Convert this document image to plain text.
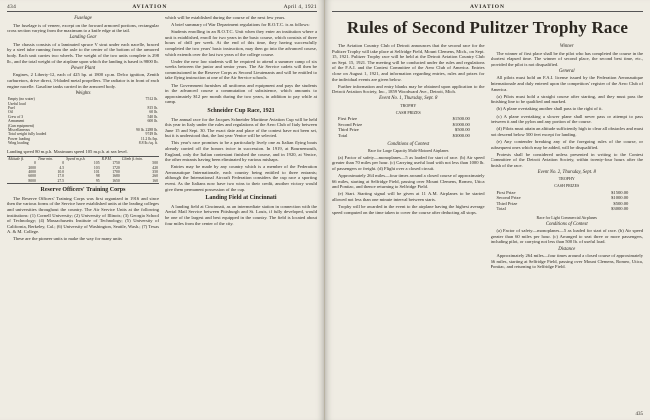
434	AVIATION	April 4, 1921
Fuselage

The fuselage is of veneer, except on the forward armored portions, rectangular cross section varying from the maximum to a knife edge at the tail.

Landing Gear

The chassis consists of a laminated spruce V strut under each nacelle, braced by a steel tube running from the axle to the center of the bottom of the armored body. Each unit carries two wheels. The weight of the two units complete is 298 lb., and the total weight of the airplane upon which the landing is based is 9800 lb.

Power Plant

Engines, 2 Liberty-12, each of 425 hp. at 1800 r.p.m. Delco ignition, Zenith carburetors, drive direct, 3-bladed metal propellers. The radiator is in front of each engine nacelle. Gasoline tanks carried in the armored body.

Weights
Empty (no water)	7512 lb.
Useful load	
Fuel	815 lb.
Oil	60 lb.
Crew of 3	540 lb.
Armament	600 lb.
(Gun equipment)	
Miscellaneous	90 lb. 2288 lb.
Total weight fully loaded	9749 lb.
Power loading	11.2 lb./hp.
Wing loading	8.8 lb./sq. ft.

Landing speed 80 m.p.h. Maximum speed 105 m.p.h. at sea level.

Altitude ft.	Time min.	Speed m.p.h.	R.P.M.	Climb ft./min.
0	0	105	1750	500
2000	4.5	103	1720	420
4000	10.0	101	1700	350
6000	17.0	98	1680	260
8000	27.5	95	1650	160
Reserve Officers' Training Corps

The Reserve Officers' Training Corps was first organized in 1916 and since then the various forms of the Service have established units at the leading colleges and universities throughout the country. The Air Service Units at the following institutions: (1) Cornell University; (2) University of Illinois; (3) Georgia School of Technology; (4) Massachusetts Institute of Technology; (5) University of California, Berkeley, Cal.; (6) University of Washington, Seattle, Wash.; (7) Texas A. & M. College.

These are the pioneer units to make the way for many units

which will be established during the course of the next few years.

A brief summary of War Department regulations for R.O.T.C. is as follows:

Students enrolling in an R.O.T.C. Unit when they enter an institution where a unit is established, enroll for two years in the basic course, which consists of three hours of drill per week. At the end of this time, they having successfully completed the two years' basic instruction, may then go into the advanced course, which extends over the last two years of the college course.

Under the new law students will be required to attend a summer camp of six weeks between the junior and senior years. The Air Service cadets will then be commissioned in the Reserve Corps as Second Lieutenants and will be entitled to take flying instruction at one of the Air Service schools.

The Government furnishes all uniforms and equipment and pays the students in the advanced course a commutation of subsistence, which amounts to approximately $12 per month during the two years, in addition to pay while at camp.

Schneider Cup Race, 1921

The annual race for the Jacques Schneider Maritime Aviation Cup will be held this year in Italy under the rules and regulations of the Aero Club of Italy between June 15 and Sept. 30. The exact date and place of the contest have not been set, but it is understood that, the last year Venice will be selected.

This year's race promises to be a particularly lively one as Italian flying boats already carried off the honors twice in succession. In 1919, at Bournemouth, England, only the Italian contestant finished the course, and in 1920, at Venice, the other entrants having been eliminated by various mishaps.

Entries may be made by any country which is a member of the Federation Aeronautique Internationale, each country being entitled to three entrants; although the International Aircraft Federation considers the cup race a sporting event. As the Italians now have two wins to their credit, another victory would give them permanent possession of the cup.

Landing Field at Cincinnati

A landing field at Cincinnati, as an intermediate station in connection with the Aerial Mail Service between Pittsburgh and St. Louis, if fully developed, would be one of the largest and best equipped in the country. The field is located about four miles from the center of the city.

AVIATION
Rules of Second Pulitzer Trophy Race

The Aviation Country Club of Detroit announces that the second race for the Pulitzer Trophy will take place at Selfridge Field, Mount Clemens, Mich., on Sept. 15, 1921. Pulitzer Trophy race will be held at the Detroit Aviation Country Club on Sept. 15, 1921. The meeting will be conducted under the rules and regulations of the F.A.I. and the Contest Committee of the Aero Club of America. Entries close on August 1, 1921, and information regarding entries, rules and prizes for the individual events are given below.

Further information and entry blanks may be obtained upon application to the Detroit Aviation Society, Inc., 1859 Woodward Ave., Detroit, Mich.

Event No. 1, Thursday, Sept. 8
TROPHY
CASH PRIZES
First Prize	$1500.00
Second Prize	$1000.00
Third Prize	$500.00
Total	$3000.00
Conditions of Contest
Race for Large Capacity Multi-Motored Airplanes

(a) Factor of safety—monoplanes—5 as loaded for start of race. (b) Air speed greater than 70 miles per hour. (c) Carrying useful load with not less than 1000 lb. of passengers or freight. (d) Flight over a closed circuit.

Approximately 264 miles—four times around a closed course of approximately 66 miles, starting at Selfridge Field, passing over Mount Clemens, Romeo, Utica and Pontiac, and thence returning to Selfridge Field.

(e) Start. Starting signal will be given at 11 A.M. Airplanes to be started allowed not less than one minute interval between starts.

Trophy will be awarded in the event to the airplane having the highest average speed computed on the time taken to cover the course after deducting all stops.

Winner

The winner of first place shall be the pilot who has completed the course in the shortest elapsed time. The winner of second place, the second best time, etc., provided the pilot is not disqualified.

General

All pilots must hold an F.A.I. license issued by the Federation Aeronautique Internationale and duly entered upon the competitors' register of the Aero Club of America.

(a) Pilots must hold a straight course after starting, and they must pass the finishing line to be qualified and marked.

(b) A plane overtaking another shall pass to the right of it.

(c) A plane overtaking a slower plane shall never pass or attempt to pass between it and the pylon and any portion of the course.

(d) Pilots must attain an altitude sufficiently high to clear all obstacles and must not descend below 500 feet except for landing.

(e) Any contender breaking any of the foregoing rules of the course, or subsequent ones which may be added, will be disqualified.

Protests shall be considered unless presented in writing to the Contest Committee of the Detroit Aviation Society, within twenty-four hours after the finish of the race.

Event No. 2, Thursday, Sept. 8
TROPHY
CASH PRIZES
First Prize	$1500.00
Second Prize	$1000.00
Third Prize	$500.00
Total	$3000.00
Race for Light Commercial Airplanes
Conditions of Contest

(a) Factor of safety—monoplanes—5 as loaded for start of race. (b) Air speed greater than 60 miles per hour. (c) Arranged to seat three or more passengers, including pilot, or carrying not less than 500 lb. of useful load.

Distance

Approximately 264 miles—four times around a closed course of approximately 66 miles, starting at Selfridge Field, passing over Mount Clemens, Romeo, Utica, Pontiac, and returning to Selfridge Field.

435
